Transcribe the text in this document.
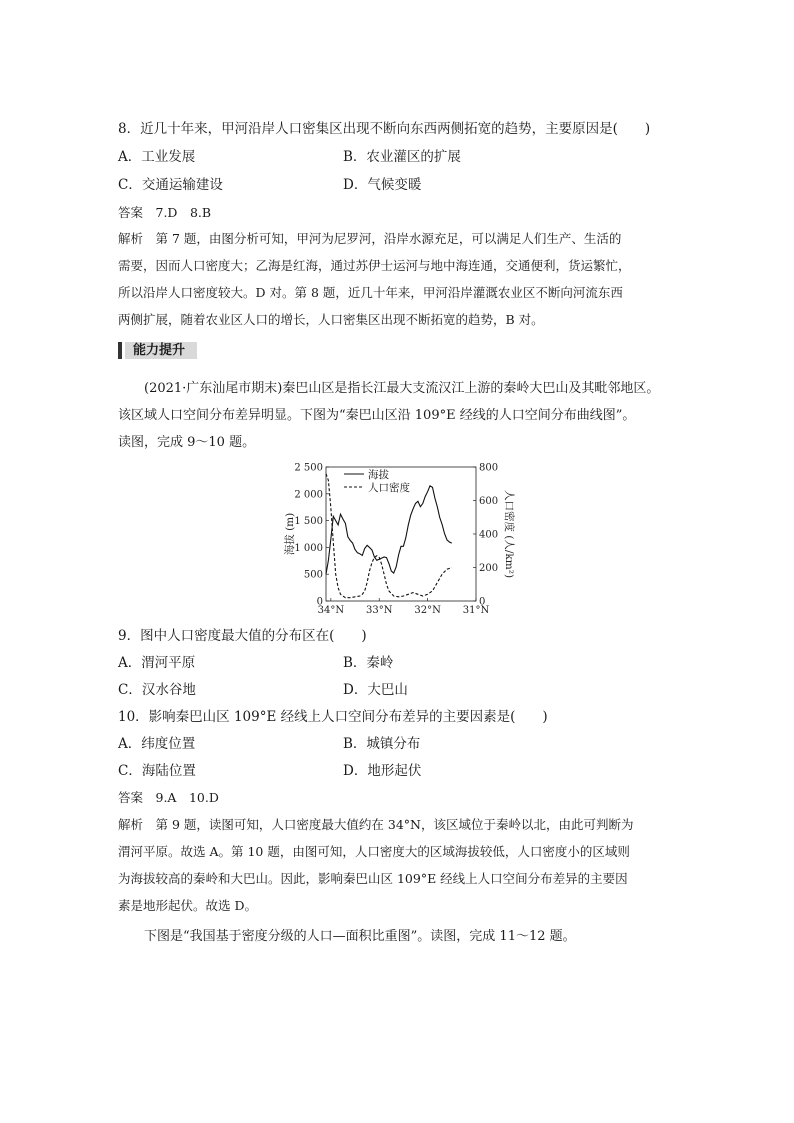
8．近几十年来，甲河沿岸人口密集区出现不断向东西两侧拓宽的趋势，主要原因是(　　)
A．工业发展	B．农业灌区的扩展
C．交通运输建设	D．气候变暖
答案　7.D　8.B
解析　第 7 题，由图分析可知，甲河为尼罗河，沿岸水源充足，可以满足人们生产、生活的
需要，因而人口密度大；乙海是红海，通过苏伊士运河与地中海连通，交通便利，货运繁忙，
所以沿岸人口密度较大。D 对。第 8 题，近几十年来，甲河沿岸灌溉农业区不断向河流东西
两侧扩展，随着农业区人口的增长，人口密集区出现不断拓宽的趋势，B 对。
能力提升
　　(2021·广东汕尾市期末)秦巴山区是指长江最大支流汉江上游的秦岭大巴山及其毗邻地区。
该区域人口空间分布差异明显。下图为“秦巴山区沿 109°E 经线的人口空间分布曲线图”。
读图，完成 9～10 题。
2 500
2 000
1 500
1 000
500
0
800
600
400
200
0
34°N 33°N 32°N 31°N
海拔 (m)	人口密度 (人/km²)
海拔
人口密度
9．图中人口密度最大值的分布区在(　　)
A．渭河平原	B．秦岭
C．汉水谷地	D．大巴山
10．影响秦巴山区 109°E 经线上人口空间分布差异的主要因素是(　　)
A．纬度位置	B．城镇分布
C．海陆位置	D．地形起伏
答案　9.A　10.D
解析　第 9 题，读图可知，人口密度最大值约在 34°N，该区域位于秦岭以北，由此可判断为
渭河平原。故选 A。第 10 题，由图可知，人口密度大的区域海拔较低，人口密度小的区域则
为海拔较高的秦岭和大巴山。因此，影响秦巴山区 109°E 经线上人口空间分布差异的主要因
素是地形起伏。故选 D。
　　下图是“我国基于密度分级的人口—面积比重图”。读图，完成 11～12 题。
